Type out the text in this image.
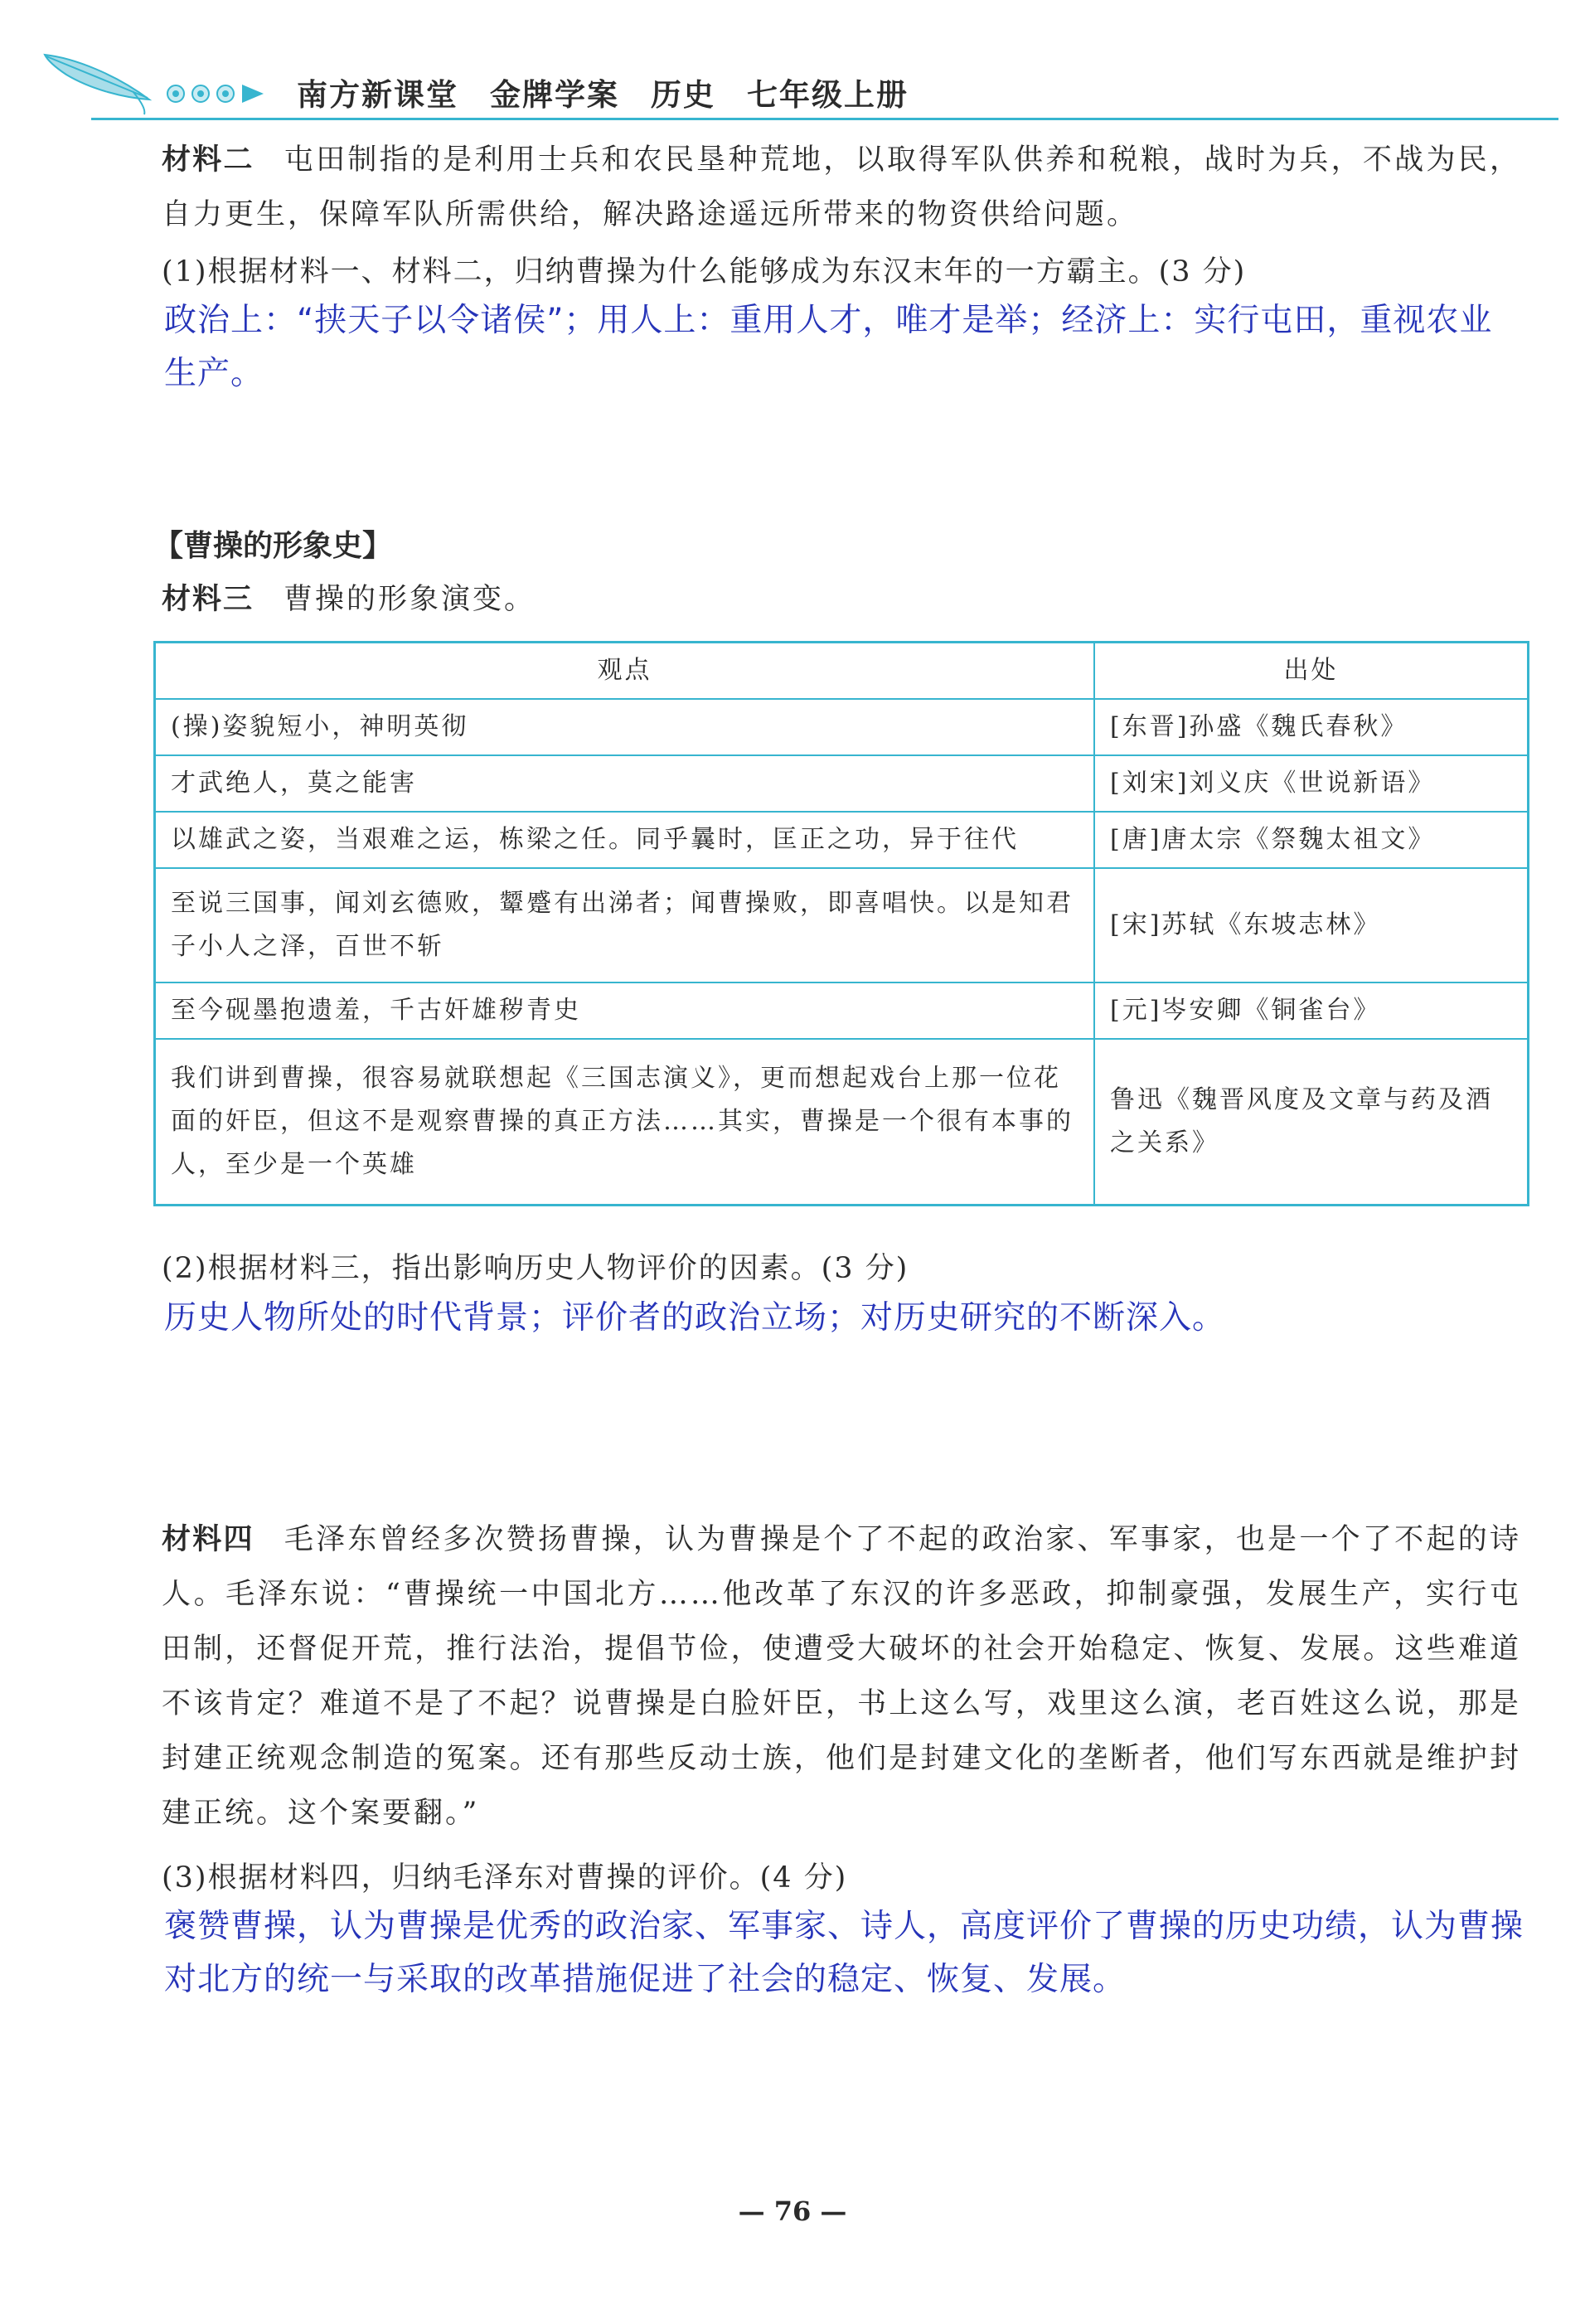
南方新课堂 金牌学案 历史 七年级上册
材料二 屯田制指的是利用士兵和农民垦种荒地，以取得军队供养和税粮，战时为兵，不战为民，自力更生，保障军队所需供给，解决路途遥远所带来的物资供给问题。
(1)根据材料一、材料二，归纳曹操为什么能够成为东汉末年的一方霸主。(3 分)
政治上：“挟天子以令诸侯”；用人上：重用人才，唯才是举；经济上：实行屯田，重视农业生产。
【曹操的形象史】
材料三 曹操的形象演变。
观点	出处
(操)姿貌短小，神明英彻	[东晋]孙盛《魏氏春秋》
才武绝人，莫之能害	[刘宋]刘义庆《世说新语》
以雄武之姿，当艰难之运，栋梁之任。同乎曩时，匡正之功，异于往代	[唐]唐太宗《祭魏太祖文》
至说三国事，闻刘玄德败，颦蹙有出涕者；闻曹操败，即喜唱快。以是知君子小人之泽，百世不斩	[宋]苏轼《东坡志林》
至今砚墨抱遗羞，千古奸雄秽青史	[元]岑安卿《铜雀台》
我们讲到曹操，很容易就联想起《三国志演义》，更而想起戏台上那一位花面的奸臣，但这不是观察曹操的真正方法……其实，曹操是一个很有本事的人，至少是一个英雄	鲁迅《魏晋风度及文章与药及酒之关系》
(2)根据材料三，指出影响历史人物评价的因素。(3 分)
历史人物所处的时代背景；评价者的政治立场；对历史研究的不断深入。
材料四 毛泽东曾经多次赞扬曹操，认为曹操是个了不起的政治家、军事家，也是一个了不起的诗人。毛泽东说：“曹操统一中国北方……他改革了东汉的许多恶政，抑制豪强，发展生产，实行屯田制，还督促开荒，推行法治，提倡节俭，使遭受大破坏的社会开始稳定、恢复、发展。这些难道不该肯定？难道不是了不起？说曹操是白脸奸臣，书上这么写，戏里这么演，老百姓这么说，那是封建正统观念制造的冤案。还有那些反动士族，他们是封建文化的垄断者，他们写东西就是维护封建正统。这个案要翻。”
(3)根据材料四，归纳毛泽东对曹操的评价。(4 分)
褒赞曹操，认为曹操是优秀的政治家、军事家、诗人，高度评价了曹操的历史功绩，认为曹操对北方的统一与采取的改革措施促进了社会的稳定、恢复、发展。
— 76 —
